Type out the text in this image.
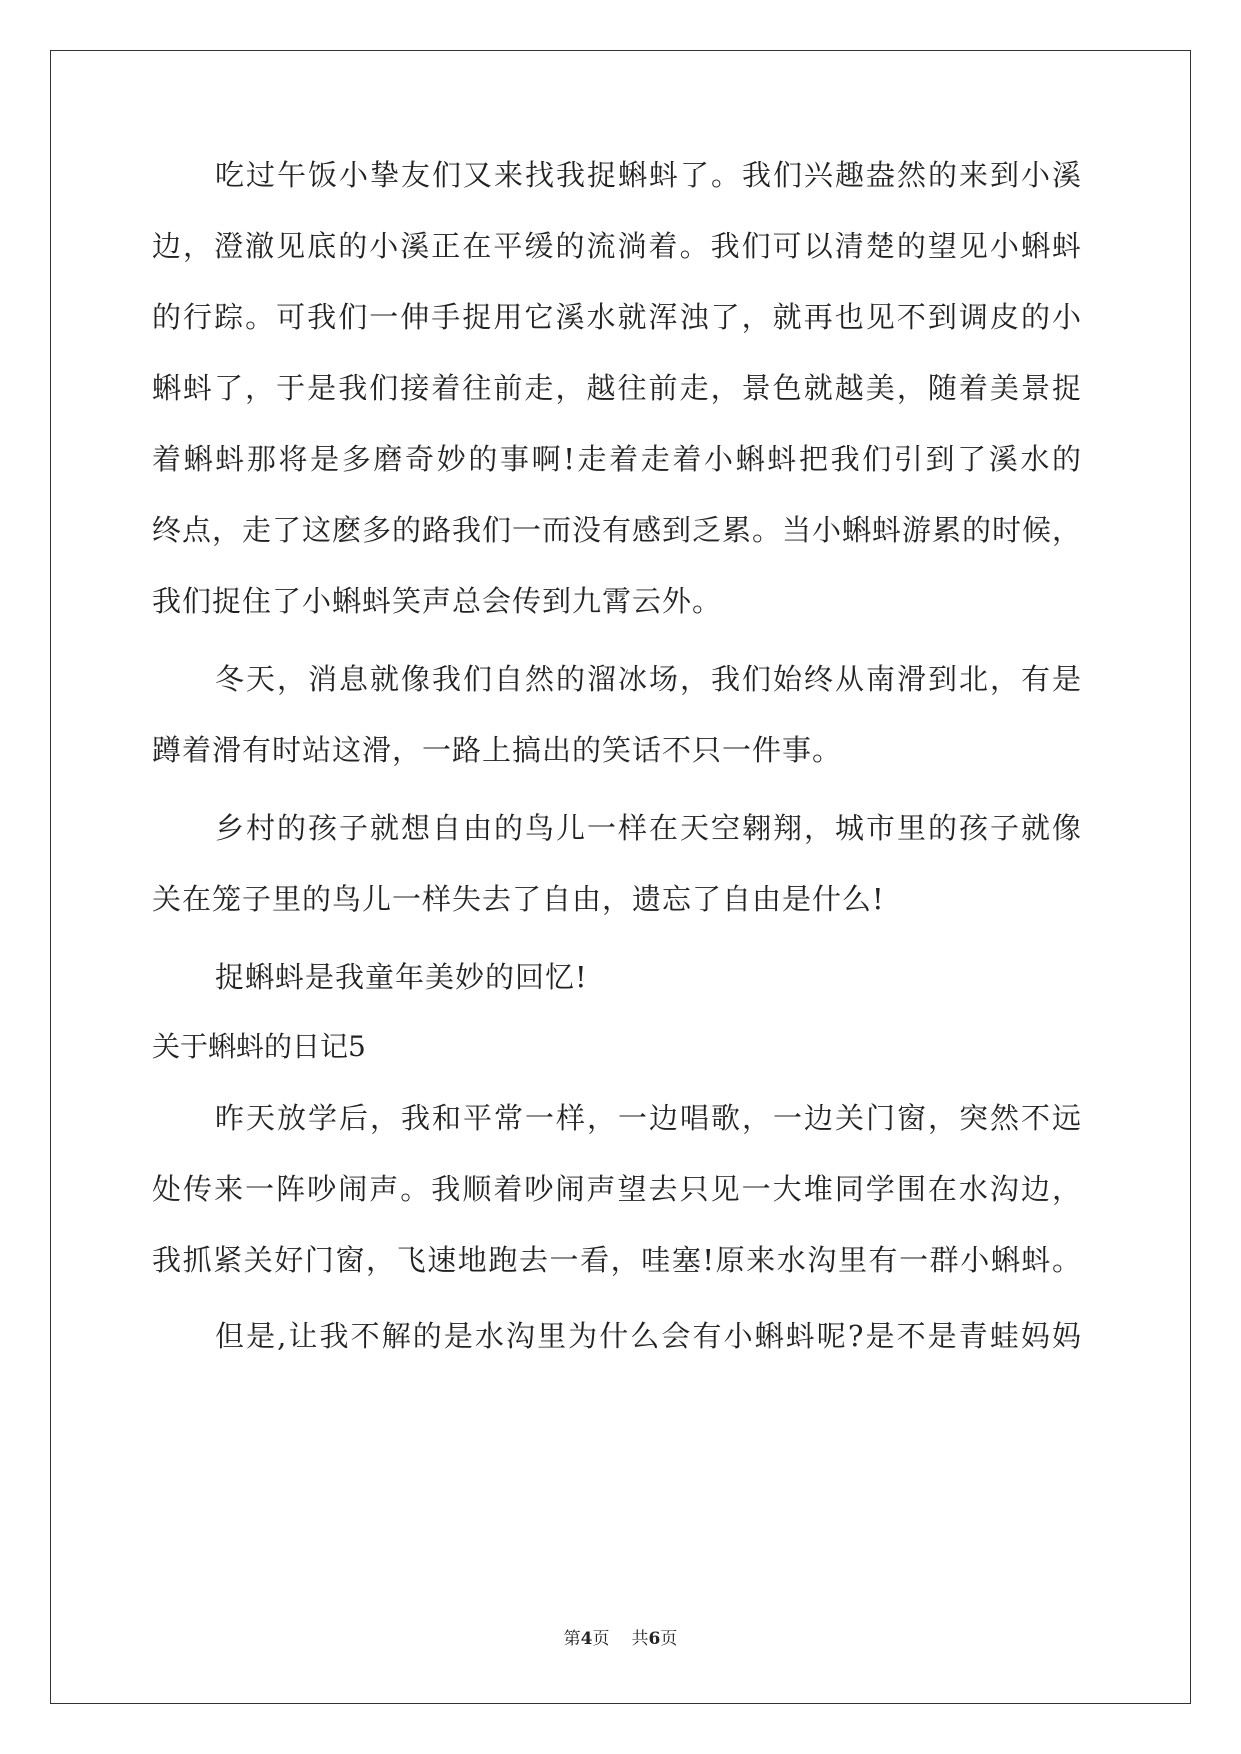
吃过午饭小挚友们又来找我捉蝌蚪了。我们兴趣盎然的来到小溪
边，澄澈见底的小溪正在平缓的流淌着。我们可以清楚的望见小蝌蚪
的行踪。可我们一伸手捉用它溪水就浑浊了，就再也见不到调皮的小
蝌蚪了，于是我们接着往前走，越往前走，景色就越美，随着美景捉
着蝌蚪那将是多磨奇妙的事啊!走着走着小蝌蚪把我们引到了溪水的
终点，走了这麽多的路我们一而没有感到乏累。当小蝌蚪游累的时候，
我们捉住了小蝌蚪笑声总会传到九霄云外。
冬天，消息就像我们自然的溜冰场，我们始终从南滑到北，有是
蹲着滑有时站这滑，一路上搞出的笑话不只一件事。
乡村的孩子就想自由的鸟儿一样在天空翱翔，城市里的孩子就像
关在笼子里的鸟儿一样失去了自由，遗忘了自由是什么!
捉蝌蚪是我童年美妙的回忆!
关于蝌蚪的日记5
昨天放学后，我和平常一样，一边唱歌，一边关门窗，突然不远
处传来一阵吵闹声。我顺着吵闹声望去只见一大堆同学围在水沟边，
我抓紧关好门窗，飞速地跑去一看，哇塞!原来水沟里有一群小蝌蚪。
但是,让我不解的是水沟里为什么会有小蝌蚪呢?是不是青蛙妈妈
第4页 共6页
